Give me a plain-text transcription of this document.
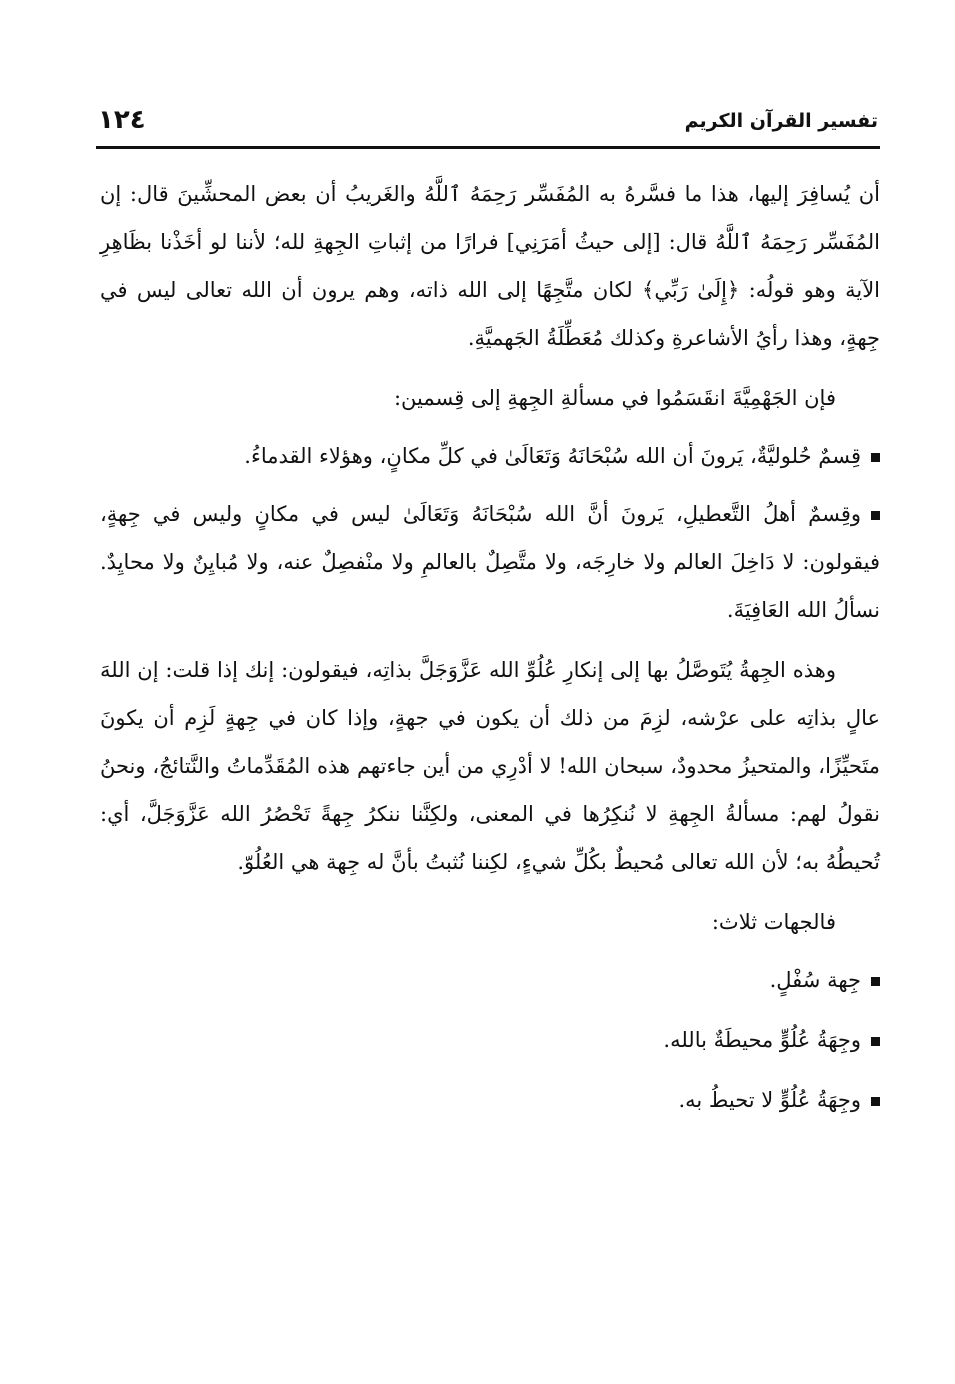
١٢٤	تفسير القرآن الكريم

أن يُسافِرَ إليها، هذا ما فسَّرهُ به المُفَسِّر رَحِمَهُ ٱللَّهُ والغَريبُ أن بعض المحشِّينَ قال: إن المُفَسِّر رَحِمَهُ ٱللَّهُ قال: [إلى حيثُ أمَرَنِي] فرارًا من إثباتِ الجِهةِ لله؛ لأننا لو أخَذْنا بظَاهِرِ الآية وهو قولُه: ﴿إِلَىٰ رَبِّي﴾ لكان متَّجِهًا إلى الله ذاته، وهم يرون أن الله تعالى ليس في جِهةٍ، وهذا رأيُ الأشاعرةِ وكذلك مُعَطِّلَةُ الجَهميَّةِ.

فإن الجَهْمِيَّةَ انقَسَمُوا في مسألةِ الجِهةِ إلى قِسمين:

قِسمٌ حُلوليَّةٌ، يَرونَ أن الله سُبْحَانَهُ وَتَعَالَىٰ في كلِّ مكانٍ، وهؤلاء القدماءُ.

وقِسمٌ أهلُ التَّعطيلِ، يَرونَ أنَّ الله سُبْحَانَهُ وَتَعَالَىٰ ليس في مكانٍ وليس في جِهةٍ، فيقولون: لا دَاخِلَ العالم ولا خارِجَه، ولا متَّصِلٌ بالعالمِ ولا منْفصِلٌ عنه، ولا مُبايِنٌ ولا محايِدٌ. نسألُ الله العَافِيَةَ.

وهذه الجِهةُ يُتَوصَّلُ بها إلى إنكارِ عُلُوِّ الله عَزَّوَجَلَّ بذاتِه، فيقولون: إنك إذا قلت: إن اللهَ عالٍ بذاتِه على عرْشه، لزِمَ من ذلك أن يكون في جهةٍ، وإذا كان في جِهةٍ لَزِم أن يكونَ متَحيِّزًا، والمتحيزُ محدودٌ، سبحان الله! لا أدْرِي من أين جاءتهم هذه المُقَدِّماتُ والنَّتائجُ، ونحنُ نقولُ لهم: مسألةُ الجِهةِ لا نُنكِرُها في المعنى، ولكِنَّنا ننكرُ جِهةً تَحْصُرُ الله عَزَّوَجَلَّ، أي: تُحيطُهُ به؛ لأن الله تعالى مُحيطٌ بكُلِّ شيءٍ، لكِننا نُثبتُ بأنَّ له جِهة هي العُلُوّ.

فالجهات ثلاث:

جِهة سُفْلٍ.

وجِهَةُ عُلُوٍّ محيطَةٌ بالله.

وجِهَةُ عُلُوٍّ لا تحيطُ به.
